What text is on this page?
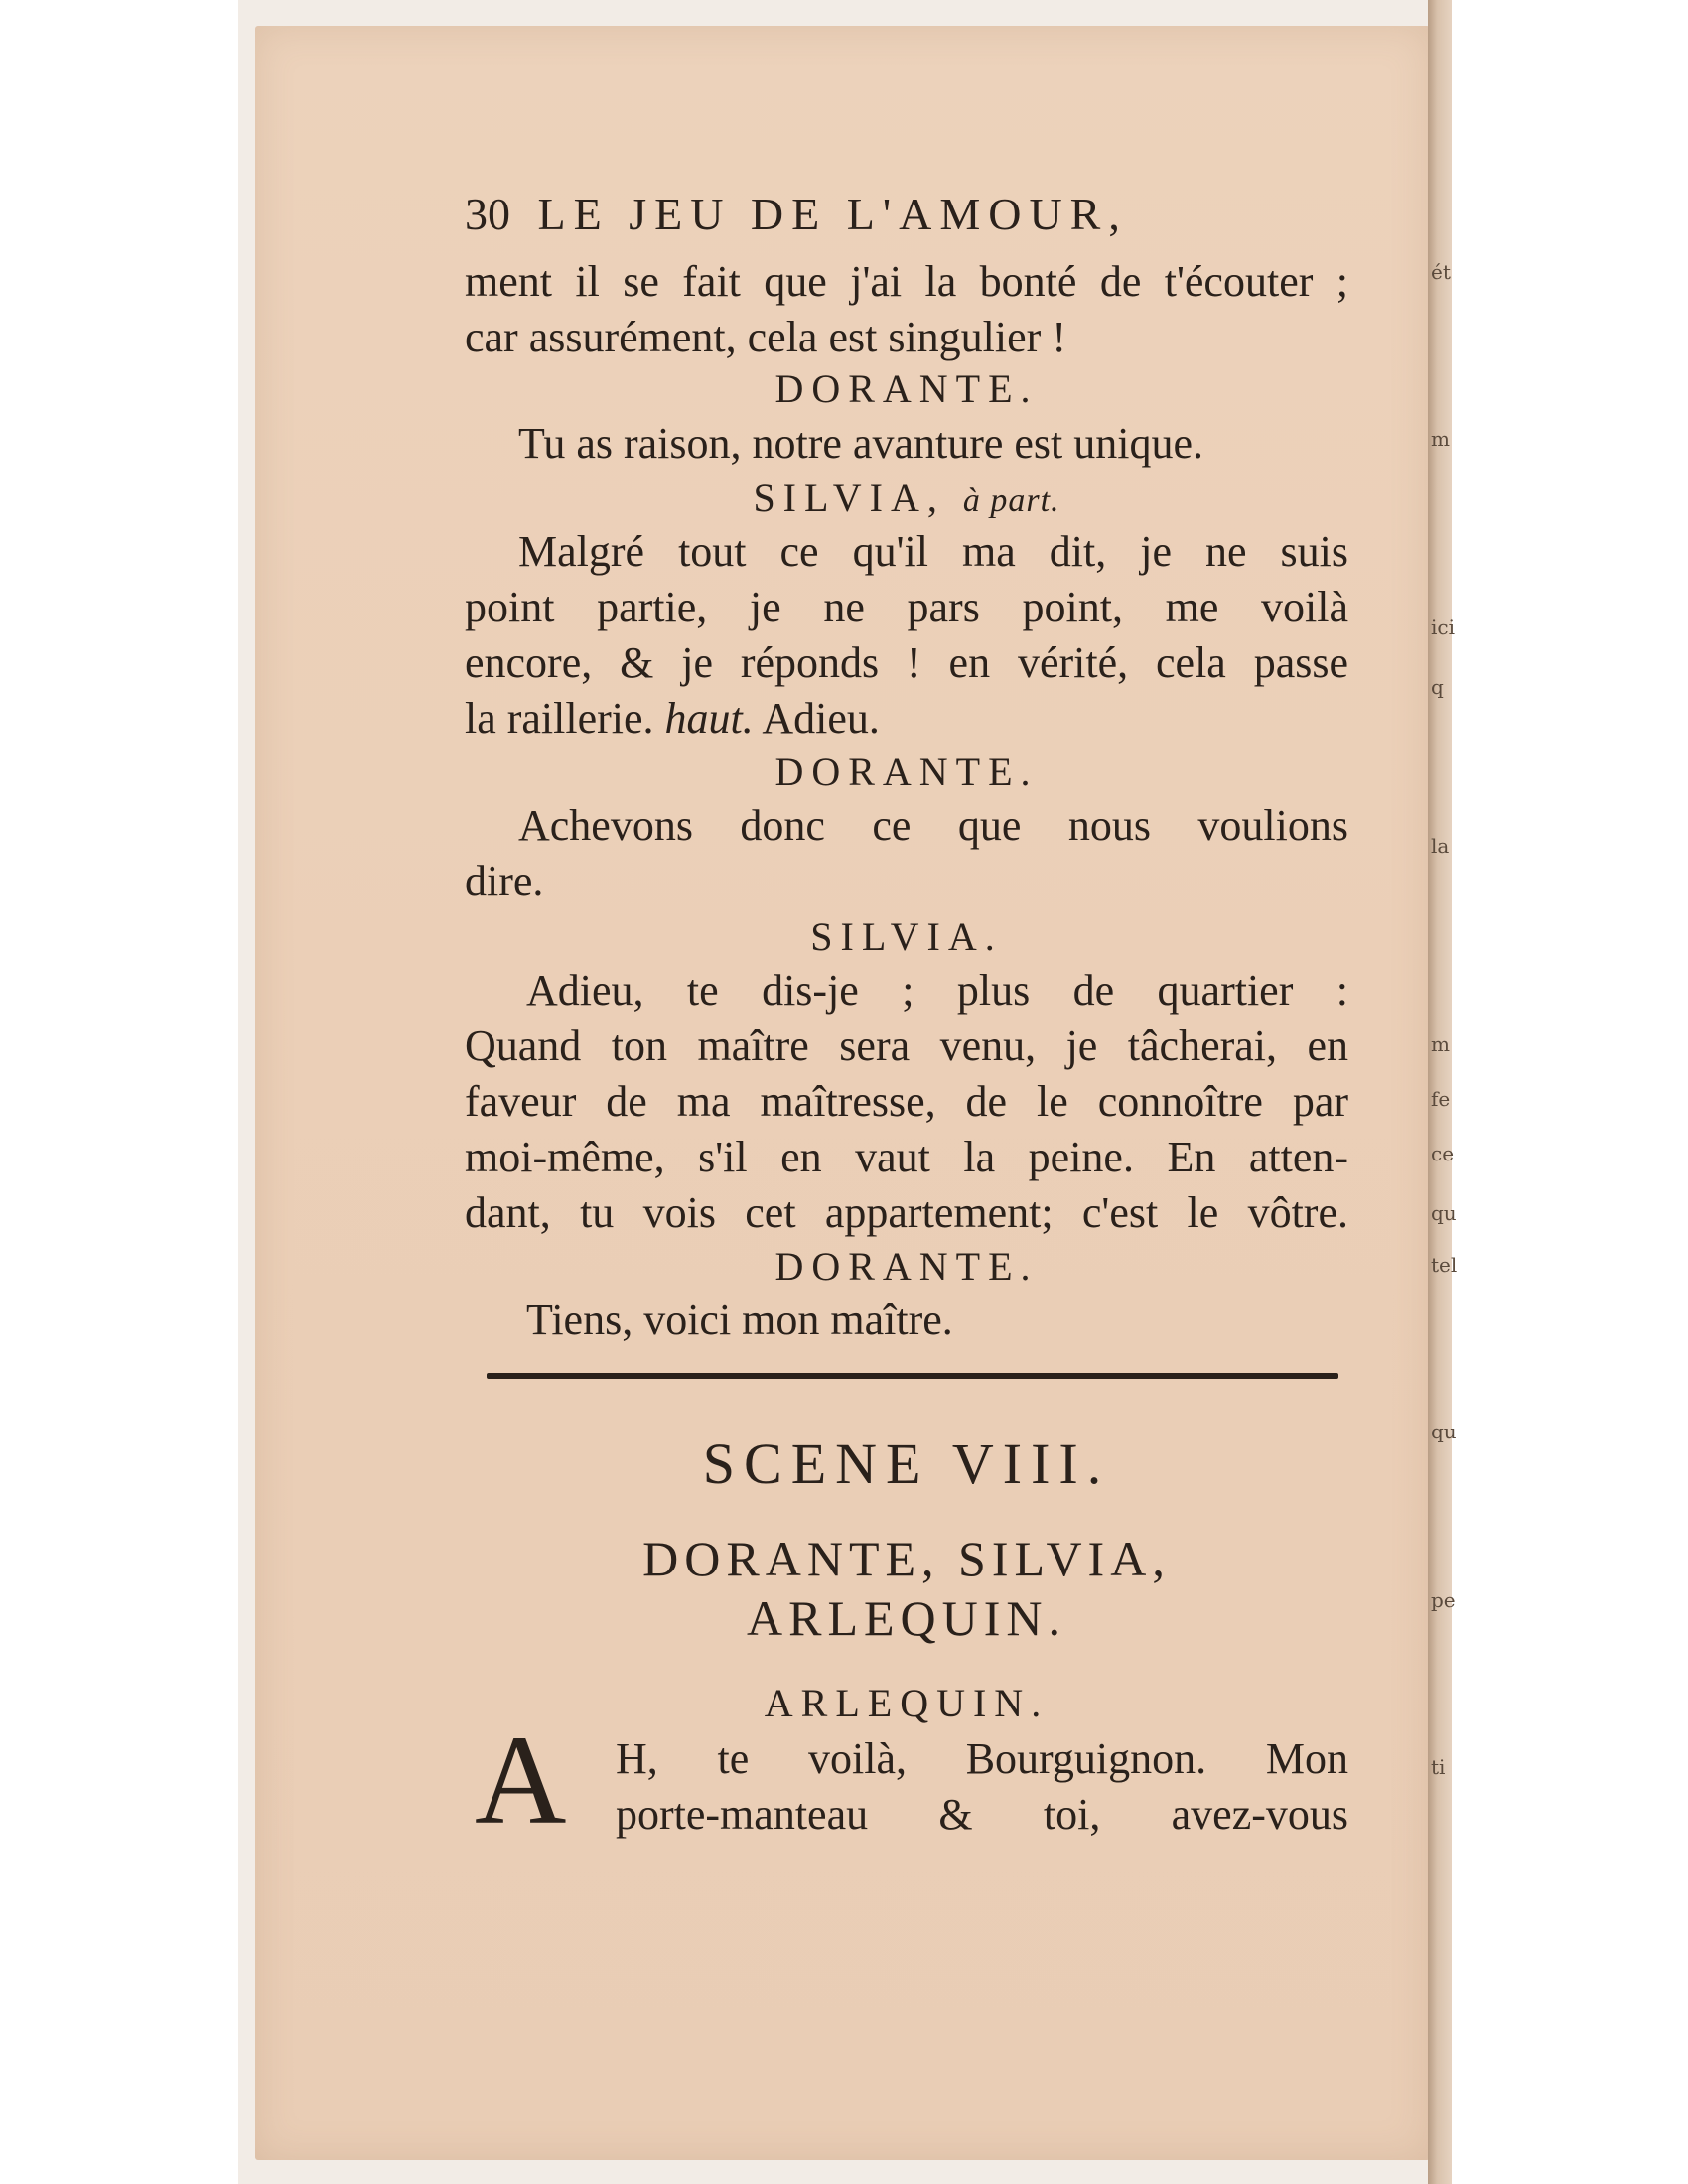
ét
m
ici
q
la
m
fe
ce
qu
tel
qu
pe
ti
30 LE JEU DE L'AMOUR,
ment il se fait que j'ai la bonté de t'écouter ;
car assurément, cela est singulier !
DORANTE.
Tu as raison, notre avanture est unique.
SILVIA, à part.
Malgré tout ce qu'il ma dit, je ne suis
point partie, je ne pars point, me voilà
encore, & je réponds ! en vérité, cela passe
la raillerie. haut. Adieu.
DORANTE.
Achevons donc ce que nous voulions
dire.
SILVIA.
Adieu, te dis-je ; plus de quartier :
Quand ton maître sera venu, je tâcherai, en
faveur de ma maîtresse, de le connoître par
moi-même, s'il en vaut la peine. En atten-
dant, tu vois cet appartement; c'est le vôtre.
DORANTE.
Tiens, voici mon maître.
SCENE VIII.
DORANTE, SILVIA,
ARLEQUIN.
ARLEQUIN.
A H, te voilà, Bourguignon. Mon
porte-manteau & toi, avez-vous
